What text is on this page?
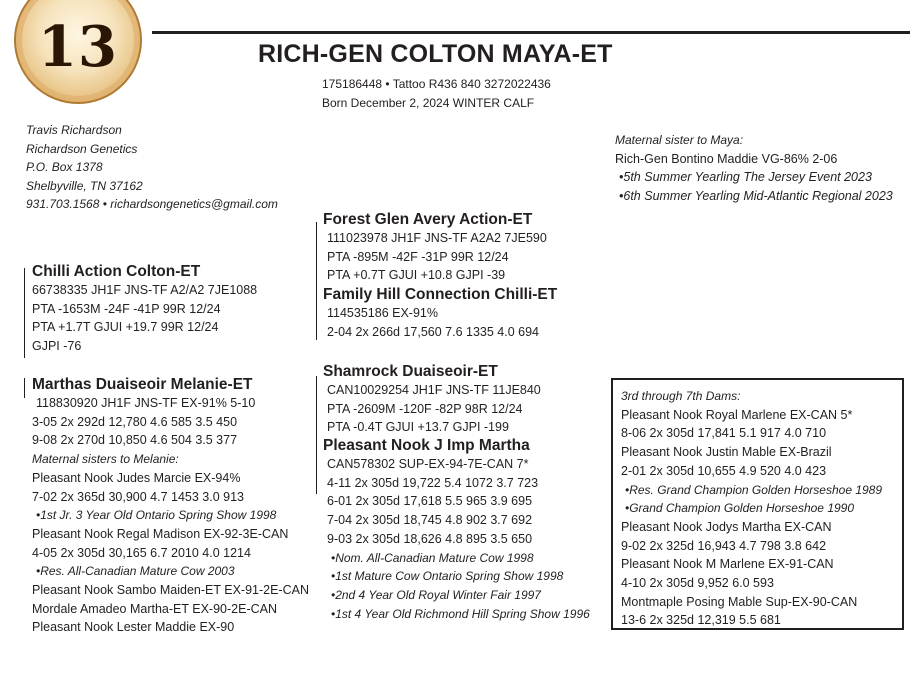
13	RICH-GEN COLTON MAYA-ET
175186448 • Tattoo R436 840 3272022436
Born December 2, 2024 WINTER CALF
Travis Richardson
Richardson Genetics
P.O. Box 1378
Shelbyville, TN 37162
931.703.1568 • richardsongenetics@gmail.com
Maternal sister to Maya:
Rich-Gen Bontino Maddie VG-86% 2-06
•5th Summer Yearling The Jersey Event 2023
•6th Summer Yearling Mid-Atlantic Regional 2023
Chilli Action Colton-ET
66738335 JH1F JNS-TF A2/A2 7JE1088
PTA -1653M -24F -41P 99R 12/24
PTA +1.7T GJUI +19.7 99R 12/24
GJPI -76
Forest Glen Avery Action-ET
111023978 JH1F JNS-TF A2A2 7JE590
PTA -895M -42F -31P 99R 12/24
PTA +0.7T GJUI +10.8 GJPI -39
Family Hill Connection Chilli-ET
114535186 EX-91%
2-04 2x 266d 17,560 7.6 1335 4.0 694
Marthas Duaiseoir Melanie-ET
118830920 JH1F JNS-TF EX-91% 5-10
3-05 2x 292d 12,780 4.6 585 3.5 450
9-08 2x 270d 10,850 4.6 504 3.5 377
Maternal sisters to Melanie:
Pleasant Nook Judes Marcie EX-94%
7-02 2x 365d 30,900 4.7 1453 3.0 913
•1st Jr. 3 Year Old Ontario Spring Show 1998
Pleasant Nook Regal Madison EX-92-3E-CAN
4-05 2x 305d 30,165 6.7 2010 4.0 1214
•Res. All-Canadian Mature Cow 2003
Pleasant Nook Sambo Maiden-ET EX-91-2E-CAN
Mordale Amadeo Martha-ET EX-90-2E-CAN
Pleasant Nook Lester Maddie EX-90
Shamrock Duaiseoir-ET
CAN10029254 JH1F JNS-TF 11JE840
PTA -2609M -120F -82P 98R 12/24
PTA -0.4T GJUI +13.7 GJPI -199
Pleasant Nook J Imp Martha
CAN578302 SUP-EX-94-7E-CAN 7*
4-11 2x 305d 19,722 5.4 1072 3.7 723
6-01 2x 305d 17,618 5.5 965 3.9 695
7-04 2x 305d 18,745 4.8 902 3.7 692
9-03 2x 305d 18,626 4.8 895 3.5 650
•Nom. All-Canadian Mature Cow 1998
•1st Mature Cow Ontario Spring Show 1998
•2nd 4 Year Old Royal Winter Fair 1997
•1st 4 Year Old Richmond Hill Spring Show 1996
3rd through 7th Dams:
Pleasant Nook Royal Marlene EX-CAN 5*
8-06 2x 305d 17,841 5.1 917 4.0 710
Pleasant Nook Justin Mable EX-Brazil
2-01 2x 305d 10,655 4.9 520 4.0 423
•Res. Grand Champion Golden Horseshoe 1989
•Grand Champion Golden Horseshoe 1990
Pleasant Nook Jodys Martha EX-CAN
9-02 2x 325d 16,943 4.7 798 3.8 642
Pleasant Nook M Marlene EX-91-CAN
4-10 2x 305d 9,952 6.0 593
Montmaple Posing Mable Sup-EX-90-CAN
13-6 2x 325d 12,319 5.5 681
